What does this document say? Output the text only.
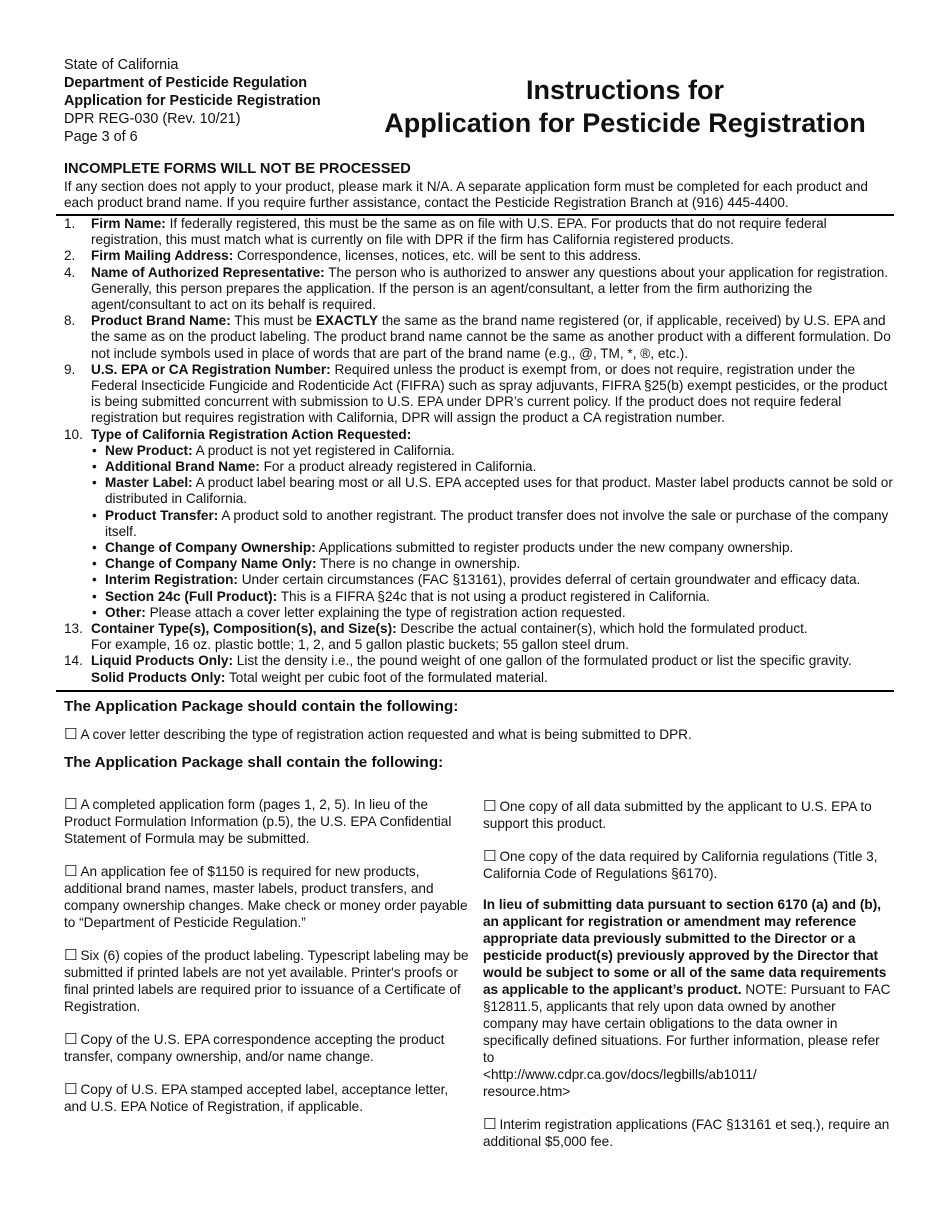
State of California
Department of Pesticide Regulation
Application for Pesticide Registration
DPR REG-030 (Rev. 10/21)
Page 3 of 6
Instructions for
Application for Pesticide Registration
INCOMPLETE FORMS WILL NOT BE PROCESSED
If any section does not apply to your product, please mark it N/A. A separate application form must be completed for each product and each product brand name. If you require further assistance, contact the Pesticide Registration Branch at (916) 445-4400.
1. Firm Name: If federally registered, this must be the same as on file with U.S. EPA. For products that do not require federal registration, this must match what is currently on file with DPR if the firm has California registered products.
2. Firm Mailing Address: Correspondence, licenses, notices, etc. will be sent to this address.
4. Name of Authorized Representative: The person who is authorized to answer any questions about your application for registration. Generally, this person prepares the application. If the person is an agent/consultant, a letter from the firm authorizing the agent/consultant to act on its behalf is required.
8. Product Brand Name: This must be EXACTLY the same as the brand name registered (or, if applicable, received) by U.S. EPA and the same as on the product labeling. The product brand name cannot be the same as another product with a different formulation. Do not include symbols used in place of words that are part of the brand name (e.g., @, TM, *, ®, etc.).
9. U.S. EPA or CA Registration Number: Required unless the product is exempt from, or does not require, registration under the Federal Insecticide Fungicide and Rodenticide Act (FIFRA) such as spray adjuvants, FIFRA §25(b) exempt pesticides, or the product is being submitted concurrent with submission to U.S. EPA under DPR’s current policy. If the product does not require federal registration but requires registration with California, DPR will assign the product a CA registration number.
10. Type of California Registration Action Requested:
• New Product: A product is not yet registered in California.
• Additional Brand Name: For a product already registered in California.
• Master Label: A product label bearing most or all U.S. EPA accepted uses for that product. Master label products cannot be sold or distributed in California.
• Product Transfer: A product sold to another registrant. The product transfer does not involve the sale or purchase of the company itself.
• Change of Company Ownership: Applications submitted to register products under the new company ownership.
• Change of Company Name Only: There is no change in ownership.
• Interim Registration: Under certain circumstances (FAC §13161), provides deferral of certain groundwater and efficacy data.
• Section 24c (Full Product): This is a FIFRA §24c that is not using a product registered in California.
• Other: Please attach a cover letter explaining the type of registration action requested.
13. Container Type(s), Composition(s), and Size(s): Describe the actual container(s), which hold the formulated product.
For example, 16 oz. plastic bottle; 1, 2, and 5 gallon plastic buckets; 55 gallon steel drum.
14. Liquid Products Only: List the density i.e., the pound weight of one gallon of the formulated product or list the specific gravity.
Solid Products Only: Total weight per cubic foot of the formulated material.
The Application Package should contain the following:
☐ A cover letter describing the type of registration action requested and what is being submitted to DPR.
The Application Package shall contain the following:

☐ A completed application form (pages 1, 2, 5). In lieu of the Product Formulation Information (p.5), the U.S. EPA Confidential Statement of Formula may be submitted.

☐ An application fee of $1150 is required for new products, additional brand names, master labels, product transfers, and company ownership changes. Make check or money order payable to “Department of Pesticide Regulation.”

☐ Six (6) copies of the product labeling. Typescript labeling may be submitted if printed labels are not yet available. Printer's proofs or final printed labels are required prior to issuance of a Certificate of Registration.

☐ Copy of the U.S. EPA correspondence accepting the product transfer, company ownership, and/or name change.

☐ Copy of U.S. EPA stamped accepted label, acceptance letter, and U.S. EPA Notice of Registration, if applicable.

☐ One copy of all data submitted by the applicant to U.S. EPA to support this product.

☐ One copy of the data required by California regulations (Title 3, California Code of Regulations §6170).

In lieu of submitting data pursuant to section 6170 (a) and (b), an applicant for registration or amendment may reference appropriate data previously submitted to the Director or a pesticide product(s) previously approved by the Director that would be subject to some or all of the same data requirements as applicable to the applicant’s product. NOTE: Pursuant to FAC §12811.5, applicants that rely upon data owned by another company may have certain obligations to the data owner in specifically defined situations. For further information, please refer to
<http://www.cdpr.ca.gov/docs/legbills/ab1011/
resource.htm>

☐ Interim registration applications (FAC §13161 et seq.), require an additional $5,000 fee.
